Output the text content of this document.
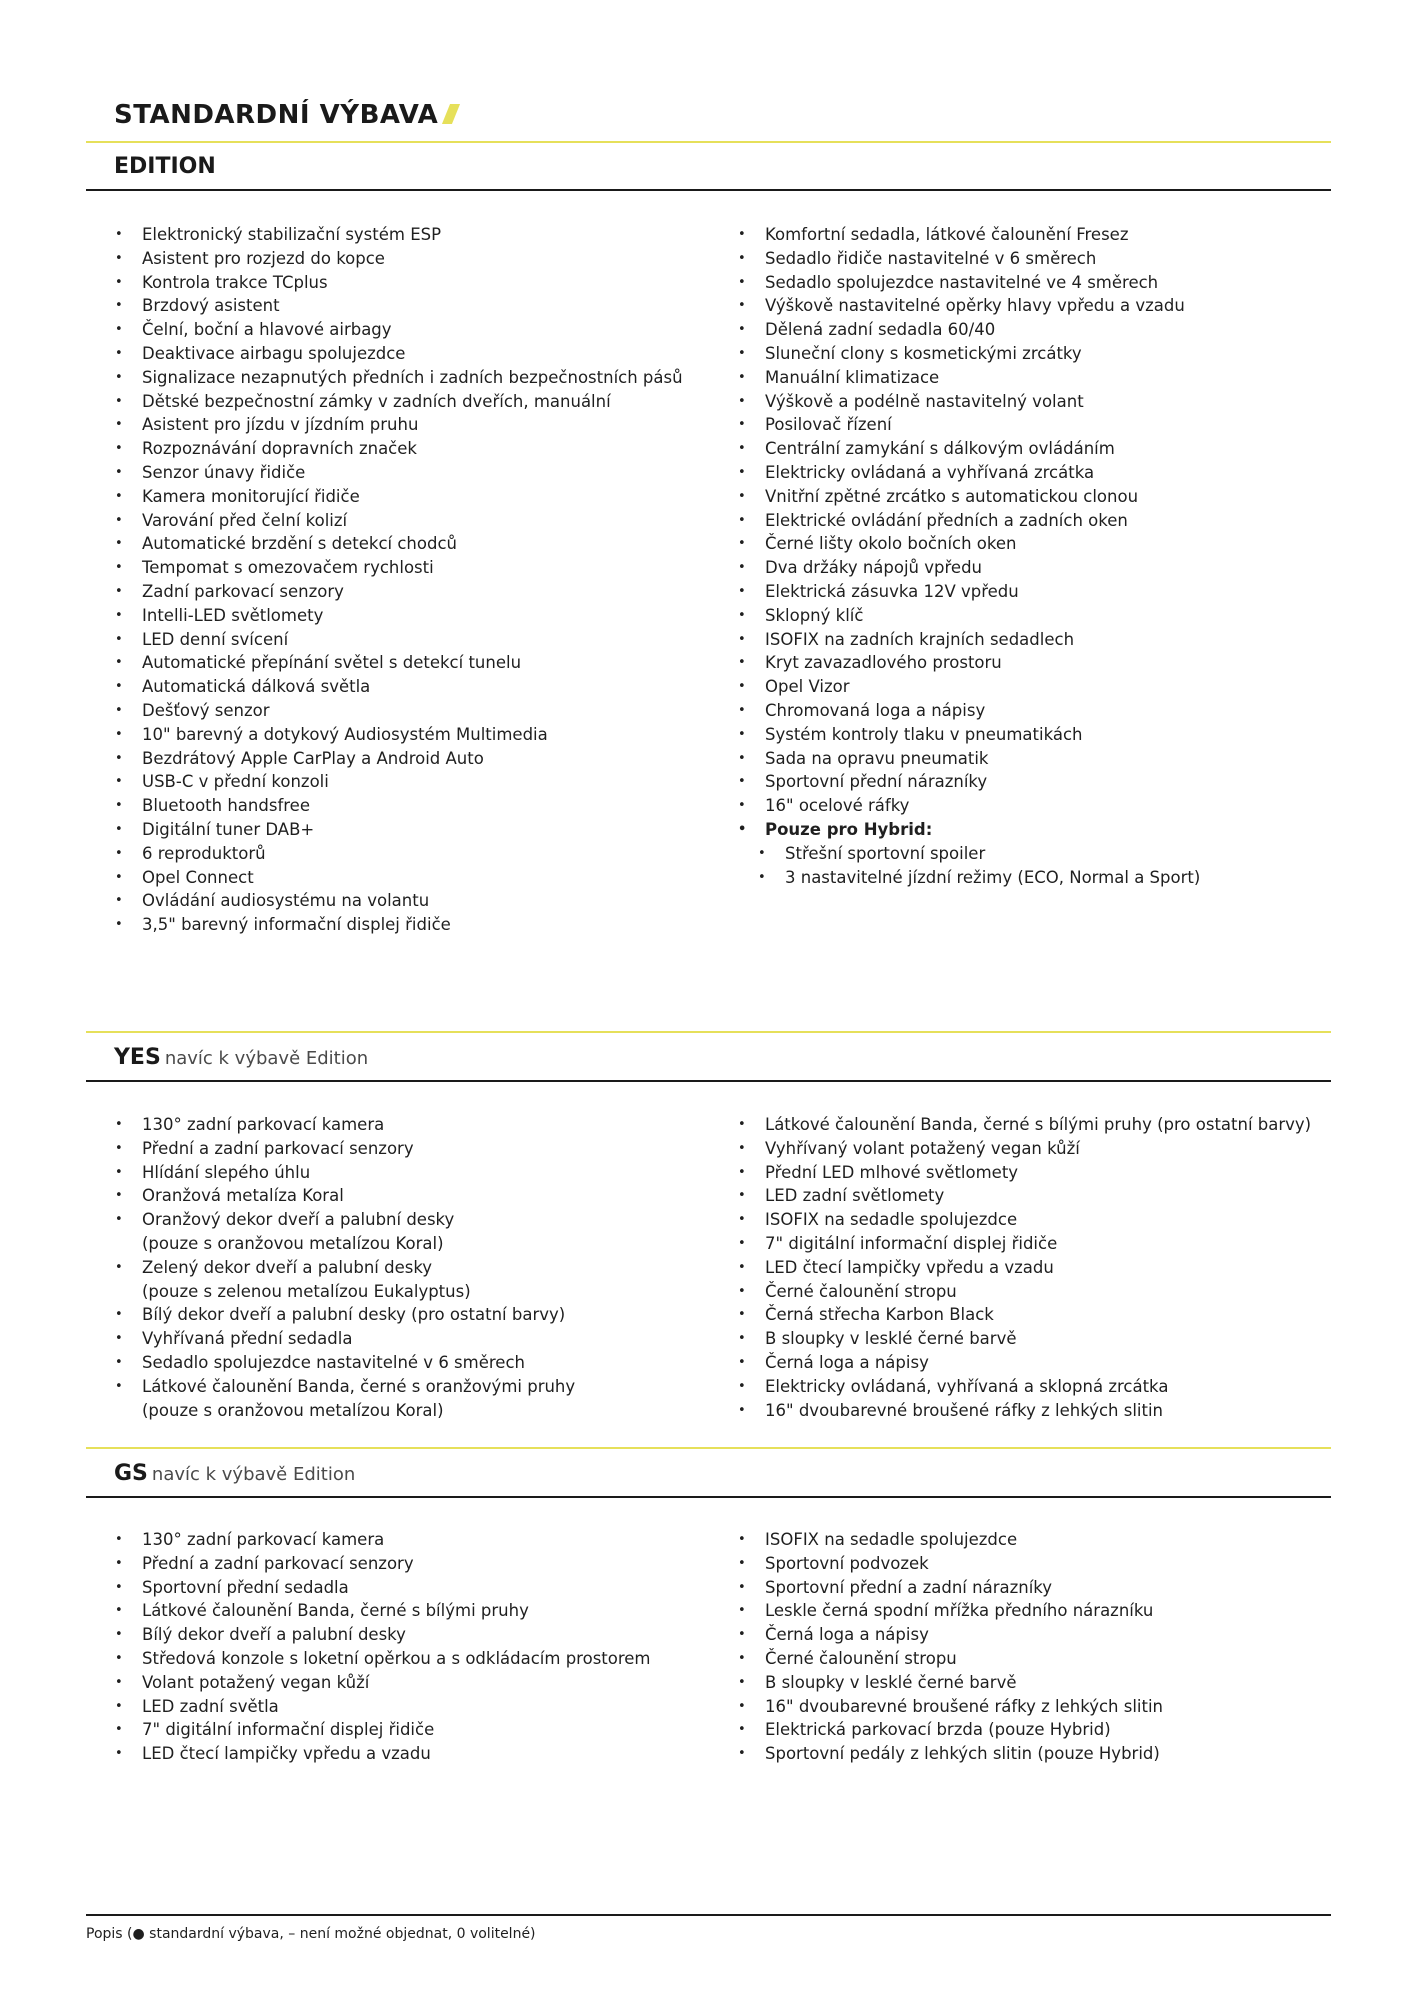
STANDARDNÍ VÝBAVA
EDITION
• Elektronický stabilizační systém ESP
• Asistent pro rozjezd do kopce
• Kontrola trakce TCplus
• Brzdový asistent
• Čelní, boční a hlavové airbagy
• Deaktivace airbagu spolujezdce
• Signalizace nezapnutých předních i zadních bezpečnostních pásů
• Dětské bezpečnostní zámky v zadních dveřích, manuální
• Asistent pro jízdu v jízdním pruhu
• Rozpoznávání dopravních značek
• Senzor únavy řidiče
• Kamera monitorující řidiče
• Varování před čelní kolizí
• Automatické brzdění s detekcí chodců
• Tempomat s omezovačem rychlosti
• Zadní parkovací senzory
• Intelli-LED světlomety
• LED denní svícení
• Automatické přepínání světel s detekcí tunelu
• Automatická dálková světla
• Dešťový senzor
• 10" barevný a dotykový Audiosystém Multimedia
• Bezdrátový Apple CarPlay a Android Auto
• USB-C v přední konzoli
• Bluetooth handsfree
• Digitální tuner DAB+
• 6 reproduktorů
• Opel Connect
• Ovládání audiosystému na volantu
• 3,5" barevný informační displej řidiče
• Komfortní sedadla, látkové čalounění Fresez
• Sedadlo řidiče nastavitelné v 6 směrech
• Sedadlo spolujezdce nastavitelné ve 4 směrech
• Výškově nastavitelné opěrky hlavy vpředu a vzadu
• Dělená zadní sedadla 60/40
• Sluneční clony s kosmetickými zrcátky
• Manuální klimatizace
• Výškově a podélně nastavitelný volant
• Posilovač řízení
• Centrální zamykání s dálkovým ovládáním
• Elektricky ovládaná a vyhřívaná zrcátka
• Vnitřní zpětné zrcátko s automatickou clonou
• Elektrické ovládání předních a zadních oken
• Černé lišty okolo bočních oken
• Dva držáky nápojů vpředu
• Elektrická zásuvka 12V vpředu
• Sklopný klíč
• ISOFIX na zadních krajních sedadlech
• Kryt zavazadlového prostoru
• Opel Vizor
• Chromovaná loga a nápisy
• Systém kontroly tlaku v pneumatikách
• Sada na opravu pneumatik
• Sportovní přední nárazníky
• 16" ocelové ráfky
• Pouze pro Hybrid:
• Střešní sportovní spoiler
• 3 nastavitelné jízdní režimy (ECO, Normal a Sport)
YES navíc k výbavě Edition
• 130° zadní parkovací kamera
• Přední a zadní parkovací senzory
• Hlídání slepého úhlu
• Oranžová metalíza Koral
• Oranžový dekor dveří a palubní desky
(pouze s oranžovou metalízou Koral)
• Zelený dekor dveří a palubní desky
(pouze s zelenou metalízou Eukalyptus)
• Bílý dekor dveří a palubní desky (pro ostatní barvy)
• Vyhřívaná přední sedadla
• Sedadlo spolujezdce nastavitelné v 6 směrech
• Látkové čalounění Banda, černé s oranžovými pruhy
(pouze s oranžovou metalízou Koral)
• Látkové čalounění Banda, černé s bílými pruhy (pro ostatní barvy)
• Vyhřívaný volant potažený vegan kůží
• Přední LED mlhové světlomety
• LED zadní světlomety
• ISOFIX na sedadle spolujezdce
• 7" digitální informační displej řidiče
• LED čtecí lampičky vpředu a vzadu
• Černé čalounění stropu
• Černá střecha Karbon Black
• B sloupky v lesklé černé barvě
• Černá loga a nápisy
• Elektricky ovládaná, vyhřívaná a sklopná zrcátka
• 16" dvoubarevné broušené ráfky z lehkých slitin
GS navíc k výbavě Edition
• 130° zadní parkovací kamera
• Přední a zadní parkovací senzory
• Sportovní přední sedadla
• Látkové čalounění Banda, černé s bílými pruhy
• Bílý dekor dveří a palubní desky
• Středová konzole s loketní opěrkou a s odkládacím prostorem
• Volant potažený vegan kůží
• LED zadní světla
• 7" digitální informační displej řidiče
• LED čtecí lampičky vpředu a vzadu
• ISOFIX na sedadle spolujezdce
• Sportovní podvozek
• Sportovní přední a zadní nárazníky
• Leskle černá spodní mřížka předního nárazníku
• Černá loga a nápisy
• Černé čalounění stropu
• B sloupky v lesklé černé barvě
• 16" dvoubarevné broušené ráfky z lehkých slitin
• Elektrická parkovací brzda (pouze Hybrid)
• Sportovní pedály z lehkých slitin (pouze Hybrid)
Popis (● standardní výbava, – není možné objednat, 0 volitelné)
